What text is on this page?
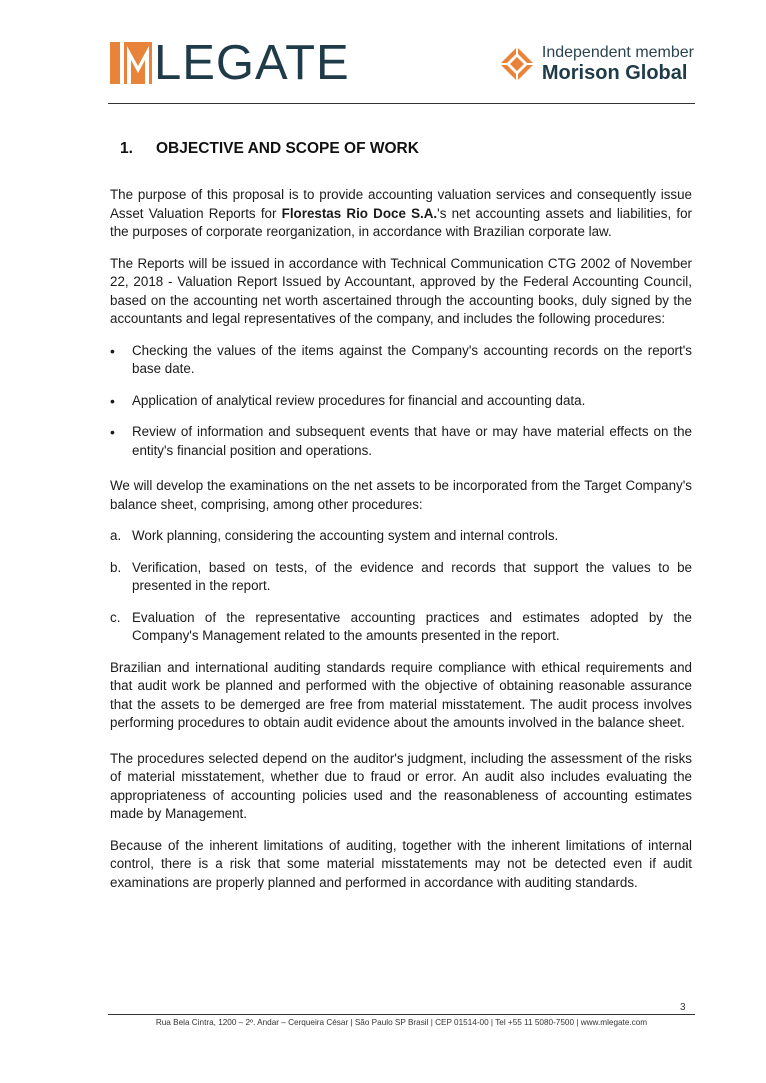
LEGATE	Independent member
Morison Global
1. OBJECTIVE AND SCOPE OF WORK

The purpose of this proposal is to provide accounting valuation services and consequently issue Asset Valuation Reports for Florestas Rio Doce S.A.'s net accounting assets and liabilities, for the purposes of corporate reorganization, in accordance with Brazilian corporate law.

The Reports will be issued in accordance with Technical Communication CTG 2002 of November 22, 2018 - Valuation Report Issued by Accountant, approved by the Federal Accounting Council, based on the accounting net worth ascertained through the accounting books, duly signed by the accountants and legal representatives of the company, and includes the following procedures:

• Checking the values of the items against the Company's accounting records on the report's base date.
• Application of analytical review procedures for financial and accounting data.
• Review of information and subsequent events that have or may have material effects on the entity's financial position and operations.

We will develop the examinations on the net assets to be incorporated from the Target Company's balance sheet, comprising, among other procedures:

a. Work planning, considering the accounting system and internal controls.
b. Verification, based on tests, of the evidence and records that support the values to be presented in the report.
c. Evaluation of the representative accounting practices and estimates adopted by the Company's Management related to the amounts presented in the report.

Brazilian and international auditing standards require compliance with ethical requirements and that audit work be planned and performed with the objective of obtaining reasonable assurance that the assets to be demerged are free from material misstatement. The audit process involves performing procedures to obtain audit evidence about the amounts involved in the balance sheet.

The procedures selected depend on the auditor's judgment, including the assessment of the risks of material misstatement, whether due to fraud or error. An audit also includes evaluating the appropriateness of accounting policies used and the reasonableness of accounting estimates made by Management.

Because of the inherent limitations of auditing, together with the inherent limitations of internal control, there is a risk that some material misstatements may not be detected even if audit examinations are properly planned and performed in accordance with auditing standards.

3
Rua Bela Cintra, 1200 – 2º. Andar – Cerqueira César | São Paulo SP Brasil | CEP 01514-00 | Tel +55 11 5080-7500 | www.mlegate.com
